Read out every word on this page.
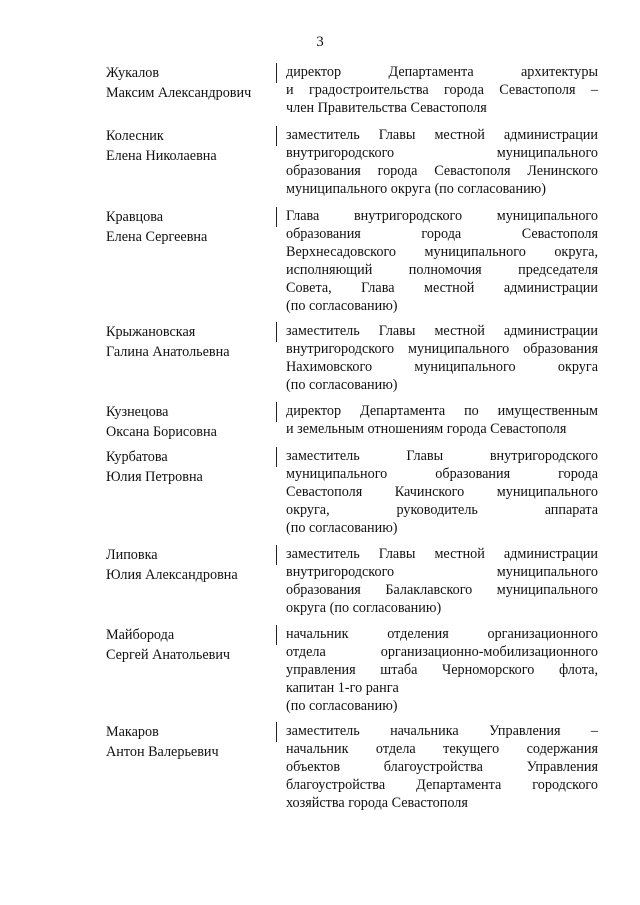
3
Жукалов
Максим Александрович
директор Департамента архитектуры
и градостроительства города Севастополя –
член Правительства Севастополя
Колесник
Елена Николаевна
заместитель Главы местной администрации
внутригородского муниципального
образования города Севастополя Ленинского
муниципального округа (по согласованию)
Кравцова
Елена Сергеевна
Глава внутригородского муниципального
образования города Севастополя
Верхнесадовского муниципального округа,
исполняющий полномочия председателя
Совета, Глава местной администрации
(по согласованию)
Крыжановская
Галина Анатольевна
заместитель Главы местной администрации
внутригородского муниципального образования
Нахимовского муниципального округа
(по согласованию)
Кузнецова
Оксана Борисовна
директор Департамента по имущественным
и земельным отношениям города Севастополя
Курбатова
Юлия Петровна
заместитель Главы внутригородского
муниципального образования города
Севастополя Качинского муниципального
округа, руководитель аппарата
(по согласованию)
Липовка
Юлия Александровна
заместитель Главы местной администрации
внутригородского муниципального
образования Балаклавского муниципального
округа (по согласованию)
Майборода
Сергей Анатольевич
начальник отделения организационного
отдела организационно-мобилизационного
управления штаба Черноморского флота,
капитан 1-го ранга
(по согласованию)
Макаров
Антон Валерьевич
заместитель начальника Управления –
начальник отдела текущего содержания
объектов благоустройства Управления
благоустройства Департамента городского
хозяйства города Севастополя
